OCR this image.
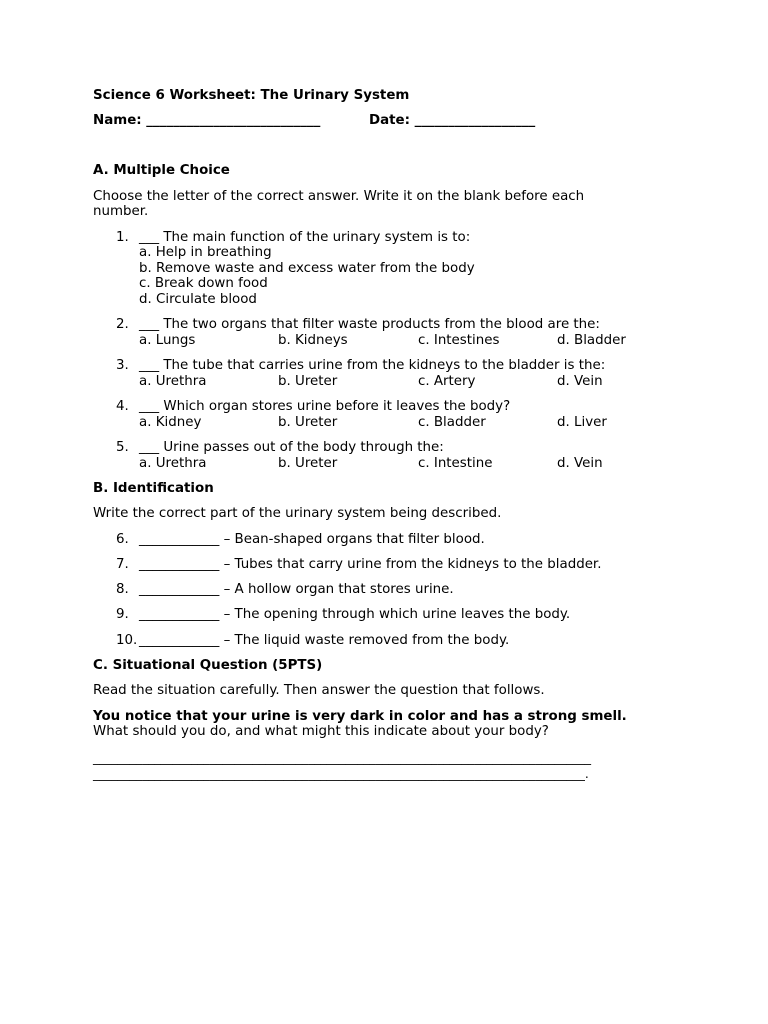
Science 6 Worksheet: The Urinary System
Name: __________________________	Date: __________________
A. Multiple Choice
Choose the letter of the correct answer. Write it on the blank before each
number.
1. ___ The main function of the urinary system is to:
a. Help in breathing
b. Remove waste and excess water from the body
c. Break down food
d. Circulate blood
2. ___ The two organs that filter waste products from the blood are the:
a. Lungs	b. Kidneys	c. Intestines	d. Bladder
3. ___ The tube that carries urine from the kidneys to the bladder is the:
a. Urethra	b. Ureter	c. Artery	d. Vein
4. ___ Which organ stores urine before it leaves the body?
a. Kidney	b. Ureter	c. Bladder	d. Liver
5. ___ Urine passes out of the body through the:
a. Urethra	b. Ureter	c. Intestine	d. Vein
B. Identification
Write the correct part of the urinary system being described.
6. ____________ – Bean-shaped organs that filter blood.
7. ____________ – Tubes that carry urine from the kidneys to the bladder.
8. ____________ – A hollow organ that stores urine.
9. ____________ – The opening through which urine leaves the body.
10. ____________ – The liquid waste removed from the body.
C. Situational Question (5PTS)
Read the situation carefully. Then answer the question that follows.
You notice that your urine is very dark in color and has a strong smell.
What should you do, and what might this indicate about your body?
_________________________________________________________________________________
________________________________________________________________________________.
